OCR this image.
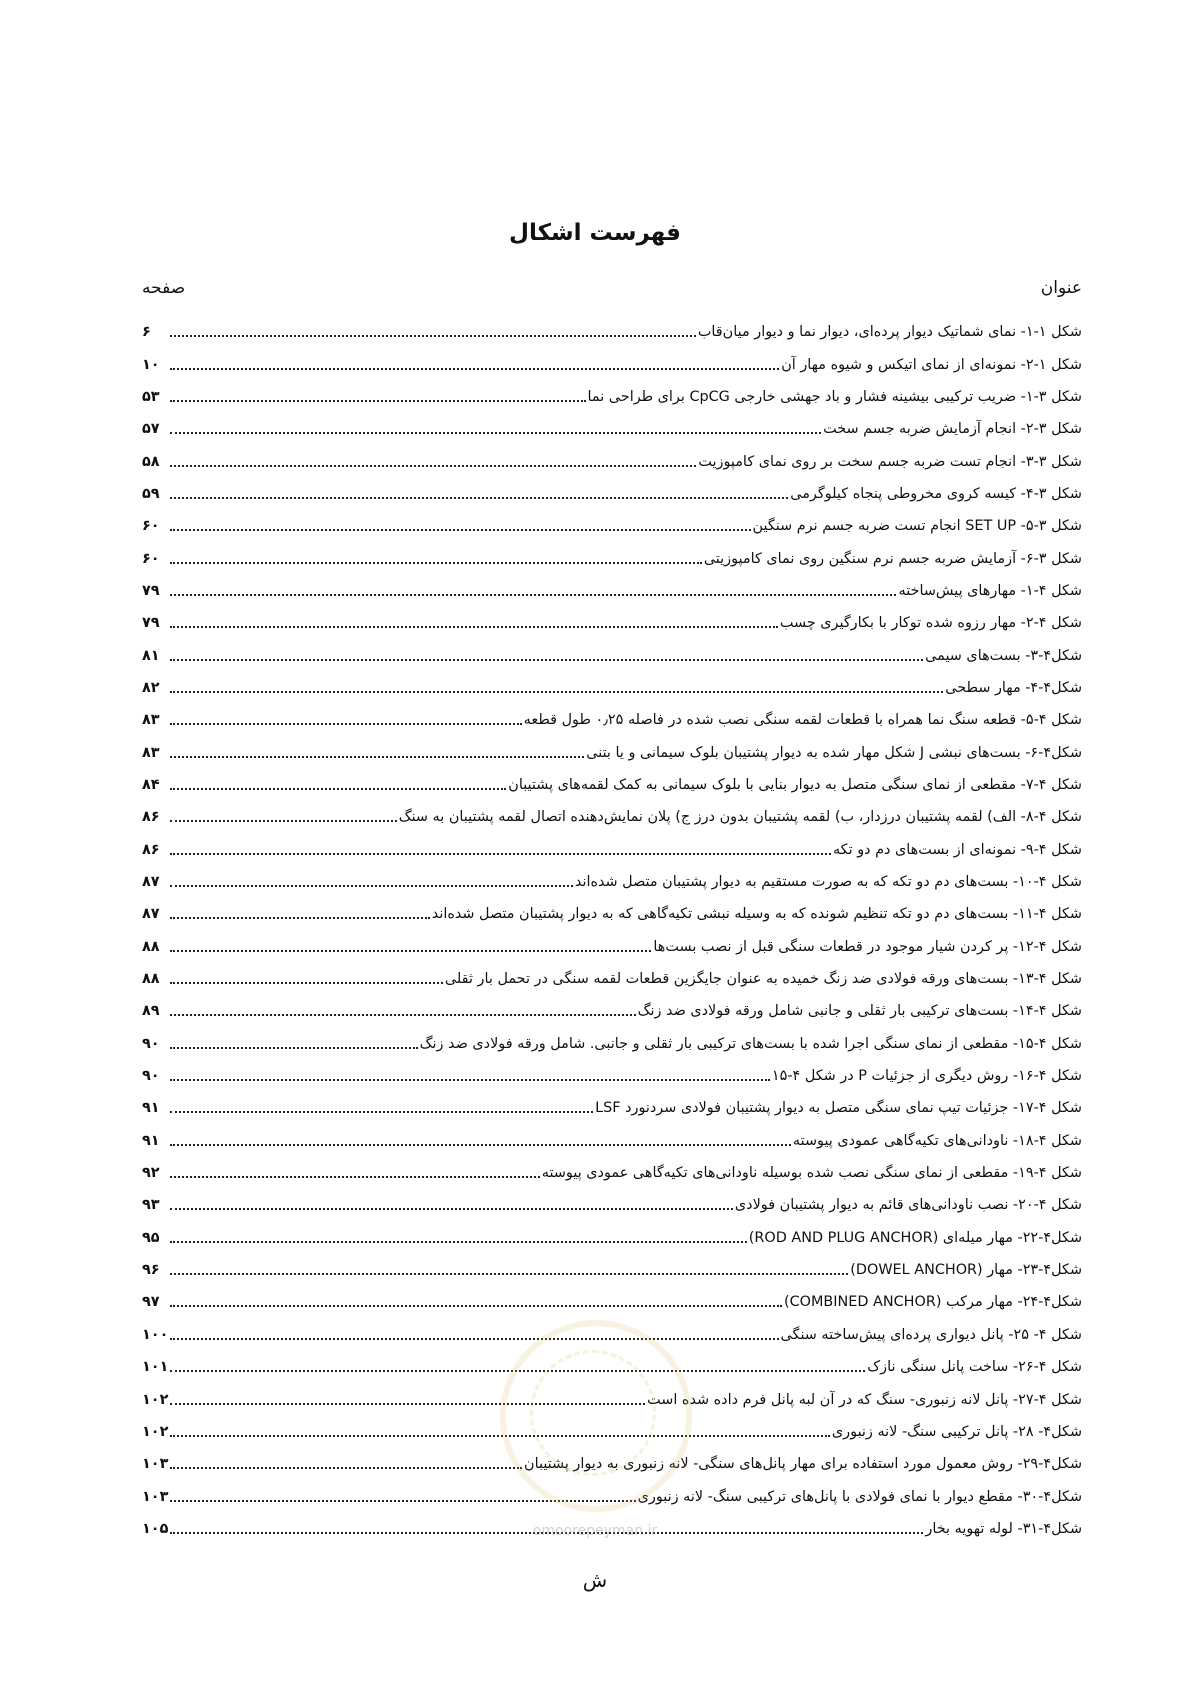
فهرست اشکال
عنوان
صفحه
شکل ۱-۱- نمای شماتیک دیوار پرده‌ای، دیوار نما و دیوار میان‌قاب
۶
شکل ۱-۲- نمونه‌ای از نمای اتیکس و شیوه مهار آن
۱۰
شکل ۳-۱- ضریب ترکیبی بیشینه فشار و باد جهشی خارجی CpCG برای طراحی نما
۵۳
شکل ۳-۲- انجام آزمایش ضربه جسم سخت
۵۷
شکل ۳-۳- انجام تست ضربه جسم سخت بر روی نمای کامپوزیت
۵۸
شکل ۳-۴- کیسه کروی مخروطی پنجاه کیلوگرمی
۵۹
شکل ۳-۵- SET UP انجام تست ضربه جسم نرم سنگین
۶۰
شکل ۳-۶- آزمایش ضربه جسم نرم سنگین روی نمای کامپوزیتی
۶۰
شکل ۴-۱- مهارهای پیش‌ساخته
۷۹
شکل ۴-۲- مهار رزوه شده توکار با بکارگیری چسب
۷۹
شکل۴-۳- بست‌های سیمی
۸۱
شکل۴-۴- مهار سطحی
۸۲
شکل ۴-۵- قطعه سنگ نما همراه با قطعات لقمه سنگی نصب شده در فاصله ۰٫۲۵ طول قطعه
۸۳
شکل۴-۶- بست‌های نبشی J شکل مهار شده به دیوار پشتیبان بلوک سیمانی و یا بتنی
۸۳
شکل ۴-۷- مقطعی از نمای سنگی متصل به دیوار بنایی با بلوک سیمانی به کمک لقمه‌های پشتیبان
۸۴
شکل ۴-۸- الف) لقمه پشتیبان درزدار، ب) لقمه پشتیبان بدون درز ج) پلان نمایش‌دهنده اتصال لقمه پشتیبان به سنگ
۸۶
شکل ۴-۹- نمونه‌ای از بست‌های دم دو تکه
۸۶
شکل ۴-۱۰- بست‌های دم دو تکه که به صورت مستقیم به دیوار پشتیبان متصل شده‌اند
۸۷
شکل ۴-۱۱- بست‌های دم دو تکه تنظیم شونده که به وسیله نبشی تکیه‌گاهی که به دیوار پشتیبان متصل شده‌اند
۸۷
شکل ۴-۱۲- پر کردن شیار موجود در قطعات سنگی قبل از نصب بست‌ها
۸۸
شکل ۴-۱۳- بست‌های ورقه فولادی ضد زنگ خمیده به عنوان جایگزین قطعات لقمه سنگی در تحمل بار ثقلی
۸۸
شکل ۴-۱۴- بست‌های ترکیبی بار ثقلی و جانبی شامل ورقه فولادی ضد زنگ
۸۹
شکل ۴-۱۵- مقطعی از نمای سنگی اجرا شده با بست‌های ترکیبی بار ثقلی و جانبی. شامل ورقه فولادی ضد زنگ
۹۰
شکل ۴-۱۶- روش دیگری از جزئیات P در شکل ۴-۱۵
۹۰
شکل ۴-۱۷- جزئیات تیپ نمای سنگی متصل به دیوار پشتیبان فولادی سردنورد LSF
۹۱
شکل ۴-۱۸- ناودانی‌های تکیه‌گاهی عمودی پیوسته
۹۱
شکل ۴-۱۹- مقطعی از نمای سنگی نصب شده بوسیله ناودانی‌های تکیه‌گاهی عمودی پیوسته
۹۲
شکل ۴-۲۰- نصب ناودانی‌های قائم به دیوار پشتیبان فولادی
۹۳
شکل۴-۲۲- مهار میله‌ای (ROD AND PLUG ANCHOR)
۹۵
شکل۴-۲۳- مهار (DOWEL ANCHOR)
۹۶
شکل۴-۲۴- مهار مرکب (COMBINED ANCHOR)
۹۷
شکل ۴- ۲۵- پانل دیواری پرده‌ای پیش‌ساخته سنگی
۱۰۰
شکل ۴-۲۶- ساخت پانل سنگی نازک
۱۰۱
شکل ۴-۲۷- پانل لانه زنبوری- سنگ که در آن لبه پانل فرم داده شده است
۱۰۲
شکل۴- ۲۸- پانل ترکیبی سنگ- لانه زنبوری
۱۰۲
شکل۴-۲۹- روش معمول مورد استفاده برای مهار پانل‌های سنگی- لانه زنبوری به دیوار پشتیبان
۱۰۳
شکل۴-۳۰- مقطع دیوار با نمای فولادی با پانل‌های ترکیبی سنگ- لانه زنبوری
۱۰۳
شکل۴-۳۱- لوله تهویه بخار
۱۰۵	omoorepeyman.ir
ش
